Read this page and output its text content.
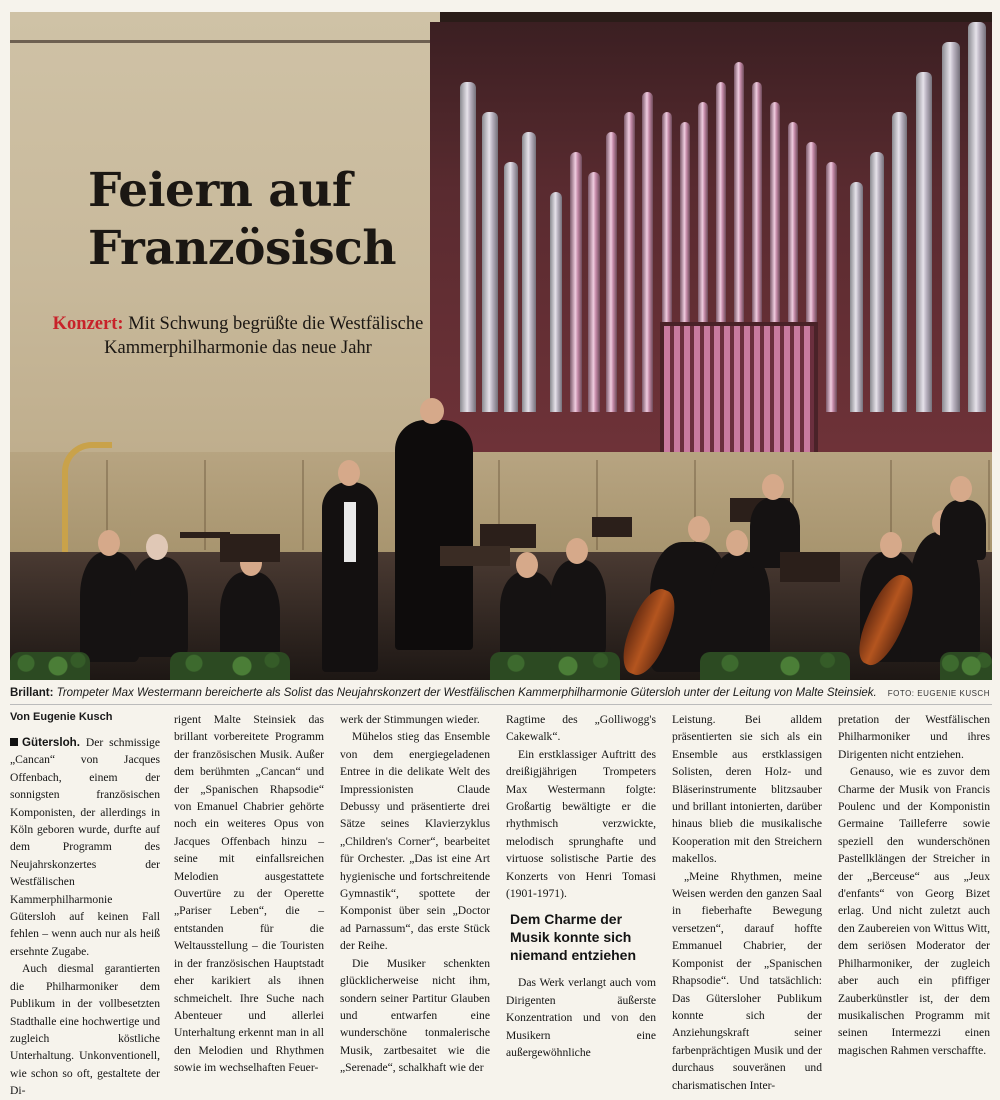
Feiern auf
Französisch
Konzert: Mit Schwung begrüßte die Westfälische Kammerphilharmonie das neue Jahr
Brillant: Trompeter Max Westermann bereicherte als Solist das Neujahrskonzert der Westfälischen Kammerphilharmonie Gütersloh unter der Leitung von Malte Steinsiek. FOTO: EUGENIE KUSCH
Von Eugenie Kusch

Gütersloh. Der schmissige „Cancan“ von Jacques Offenbach, einem der sonnigsten französischen Komponisten, der allerdings in Köln geboren wurde, durfte auf dem Programm des Neujahrskonzertes der Westfälischen Kammerphilharmonie Gütersloh auf keinen Fall fehlen – wenn auch nur als heiß ersehnte Zugabe.

Auch diesmal garantierten die Philharmoniker dem Publikum in der vollbesetzten Stadthalle eine hochwertige und zugleich köstliche Unterhaltung. Unkonventionell, wie schon so oft, gestaltete der Di-

rigent Malte Steinsiek das brillant vorbereitete Programm der französischen Musik. Außer dem berühmten „Cancan“ und der „Spanischen Rhapsodie“ von Emanuel Chabrier gehörte noch ein weiteres Opus von Jacques Offenbach hinzu – seine mit einfallsreichen Melodien ausgestattete Ouvertüre zu der Operette „Pariser Leben“, die – entstanden für die Weltausstellung – die Touristen in der französischen Hauptstadt eher karikiert als ihnen schmeichelt. Ihre Suche nach Abenteuer und allerlei Unterhaltung erkennt man in all den Melodien und Rhythmen sowie im wechselhaften Feuer-

werk der Stimmungen wieder.

Mühelos stieg das Ensemble von dem energiegeladenen Entree in die delikate Welt des Impressionisten Claude Debussy und präsentierte drei Sätze seines Klavierzyklus „Children's Corner“, bearbeitet für Orchester. „Das ist eine Art hygienische und fortschreitende Gymnastik“, spottete der Komponist über sein „Doctor ad Parnassum“, das erste Stück der Reihe.

Die Musiker schenkten glücklicherweise nicht ihm, sondern seiner Partitur Glauben und entwarfen eine wunderschöne tonmalerische Musik, zartbesaitet wie die „Serenade“, schalkhaft wie der

Ragtime des „Golliwogg's Cakewalk“.

Ein erstklassiger Auftritt des dreißigjährigen Trompeters Max Westermann folgte: Großartig bewältigte er die rhythmisch verzwickte, melodisch sprunghafte und virtuose solistische Partie des Konzerts von Henri Tomasi (1901-1971).

Dem Charme der Musik konnte sich niemand entziehen

Das Werk verlangt auch vom Dirigenten äußerste Konzentration und von den Musikern eine außergewöhnliche

Leistung. Bei alldem präsentierten sie sich als ein Ensemble aus erstklassigen Solisten, deren Holz- und Bläserinstrumente blitzsauber und brillant intonierten, darüber hinaus blieb die musikalische Kooperation mit den Streichern makellos.

„Meine Rhythmen, meine Weisen werden den ganzen Saal in fieberhafte Bewegung versetzen“, darauf hoffte Emmanuel Chabrier, der Komponist der „Spanischen Rhapsodie“. Und tatsächlich: Das Gütersloher Publikum konnte sich der Anziehungskraft seiner farbenprächtigen Musik und der durchaus souveränen und charismatischen Inter-

pretation der Westfälischen Philharmoniker und ihres Dirigenten nicht entziehen.

Genauso, wie es zuvor dem Charme der Musik von Francis Poulenc und der Komponistin Germaine Tailleferre sowie speziell den wunderschönen Pastellklängen der Streicher in der „Berceuse“ aus „Jeux d'enfants“ von Georg Bizet erlag. Und nicht zuletzt auch den Zaubereien von Wittus Witt, dem seriösen Moderator der Philharmoniker, der zugleich aber auch ein pfiffiger Zauberkünstler ist, der dem musikalischen Programm mit seinen Intermezzi einen magischen Rahmen verschaffte.
